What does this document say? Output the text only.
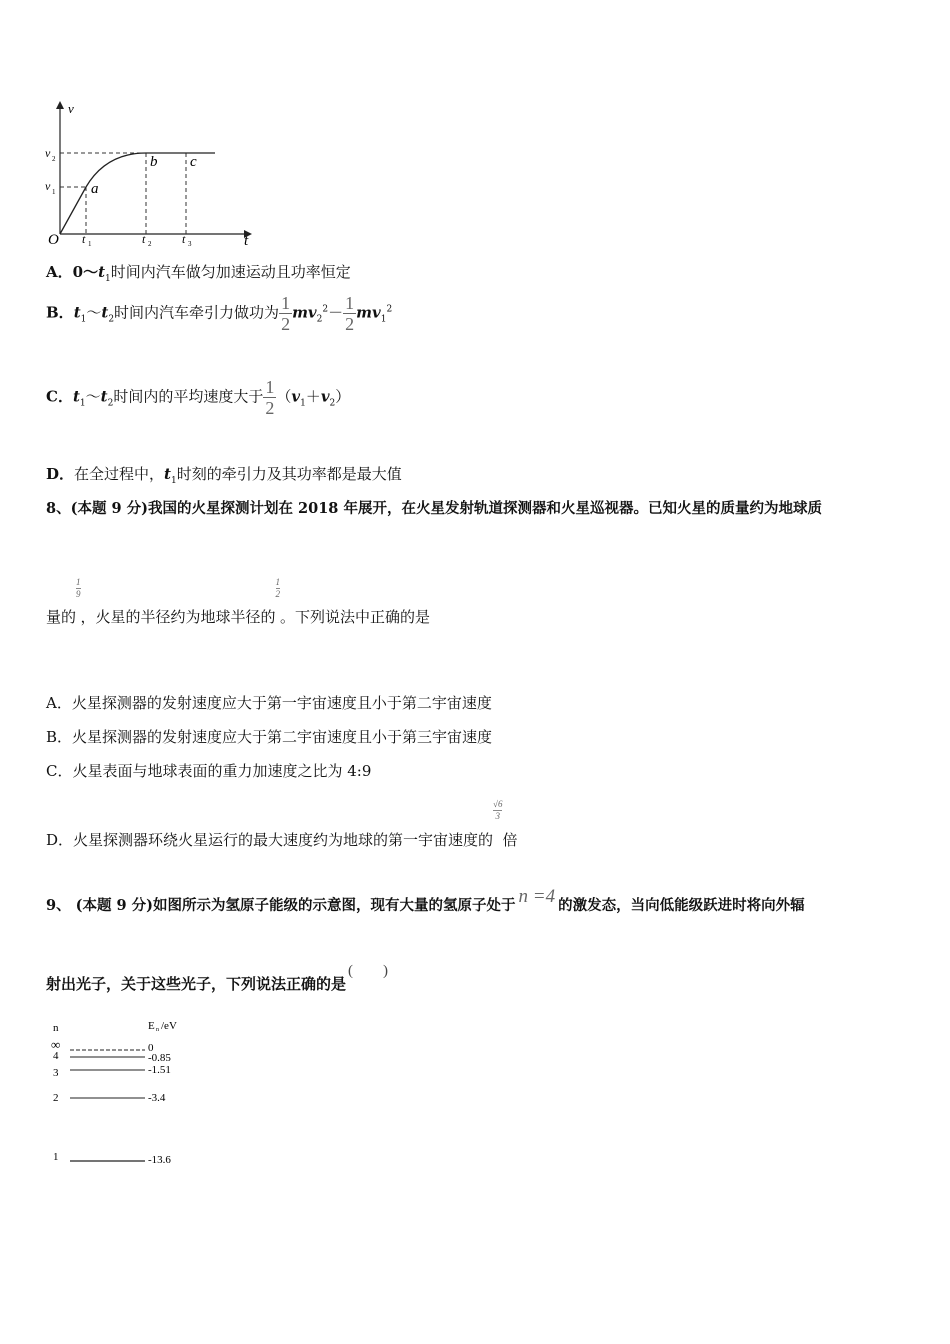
v
t
O
v 2
v 1
t 1	t 2	t 3
a
b c
A．$0\sim t_1$时间内汽车做匀加速运动且功率恒定
B．$t_1\sim t_2$时间内汽车牵引力做功为 $\frac{1}{2} mv_2^2- \frac{1}{2} mv_1^2$
C．$t_1\sim t_2$时间内的平均速度大于 $\frac{1}{2} (v_1+v_2)$
D．在全过程中，$t_1$时刻的牵引力及其功率都是最大值
8、(本题 9 分)我国的火星探测计划在 2018 年展开，在火星发射轨道探测器和火星巡视器。已知火星的质量约为地球质
量的$\frac{1}{9}$，火星的半径约为地球半径的$\frac{1}{2}$。下列说法中正确的是
A．火星探测器的发射速度应大于第一宇宙速度且小于第二宇宙速度
B．火星探测器的发射速度应大于第二宇宙速度且小于第三宇宙速度
C．火星表面与地球表面的重力加速度之比为 4:9
D．火星探测器环绕火星运行的最大速度约为地球的第一宇宙速度的$\frac{√6}{3}$倍
9、 (本题 9 分)如图所示为氢原子能级的示意图，现有大量的氢原子处于 n =4 的激发态，当向低能级跃进时将向外辐
射出光子，关于这些光子，下列说法正确的是(        )
n	E n /eV
∞	0
4	-0.85
3	-1.51
2	-3.4
1	-13.6
